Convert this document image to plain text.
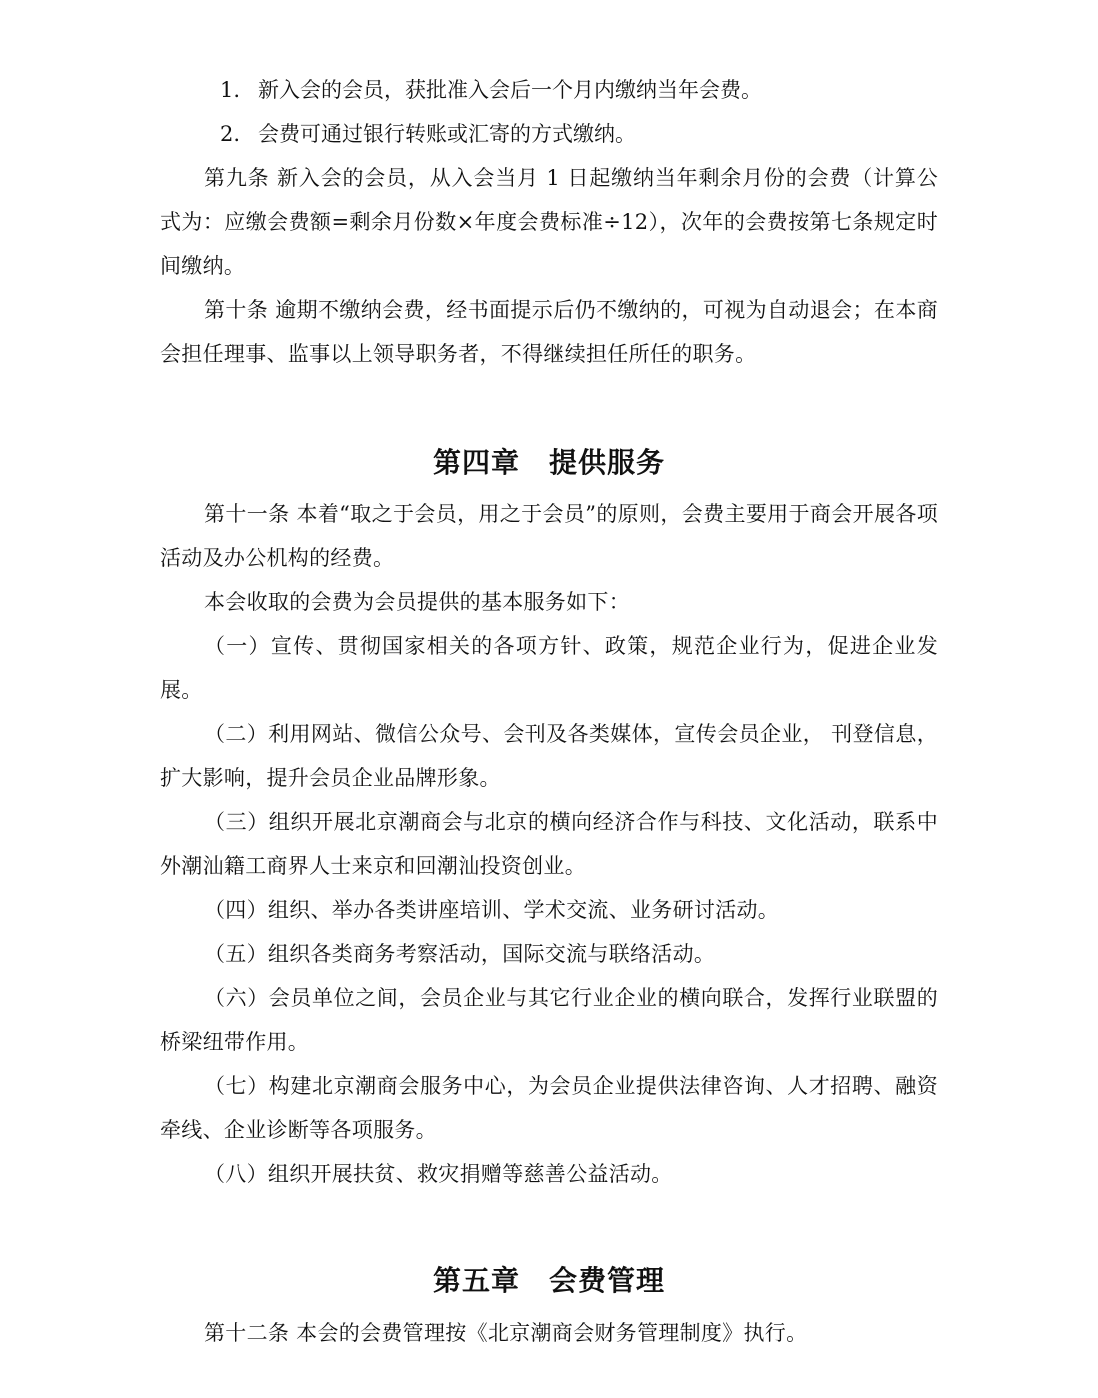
1. 新入会的会员，获批准入会后一个月内缴纳当年会费。
2. 会费可通过银行转账或汇寄的方式缴纳。
第九条 新入会的会员，从入会当月 1 日起缴纳当年剩余月份的会费（计算公式为：应缴会费额=剩余月份数×年度会费标准÷12），次年的会费按第七条规定时间缴纳。
第十条 逾期不缴纳会费，经书面提示后仍不缴纳的，可视为自动退会；在本商会担任理事、监事以上领导职务者，不得继续担任所任的职务。
第四章　提供服务
第十一条 本着“取之于会员，用之于会员”的原则，会费主要用于商会开展各项活动及办公机构的经费。
本会收取的会费为会员提供的基本服务如下：
（一）宣传、贯彻国家相关的各项方针、政策，规范企业行为，促进企业发展。
（二）利用网站、微信公众号、会刊及各类媒体，宣传会员企业， 刊登信息，扩大影响，提升会员企业品牌形象。
（三）组织开展北京潮商会与北京的横向经济合作与科技、文化活动，联系中外潮汕籍工商界人士来京和回潮汕投资创业。
（四）组织、举办各类讲座培训、学术交流、业务研讨活动。
（五）组织各类商务考察活动，国际交流与联络活动。
（六）会员单位之间，会员企业与其它行业企业的横向联合，发挥行业联盟的桥梁纽带作用。
（七）构建北京潮商会服务中心，为会员企业提供法律咨询、人才招聘、融资牵线、企业诊断等各项服务。
（八）组织开展扶贫、救灾捐赠等慈善公益活动。
第五章　会费管理
第十二条 本会的会费管理按《北京潮商会财务管理制度》执行。
